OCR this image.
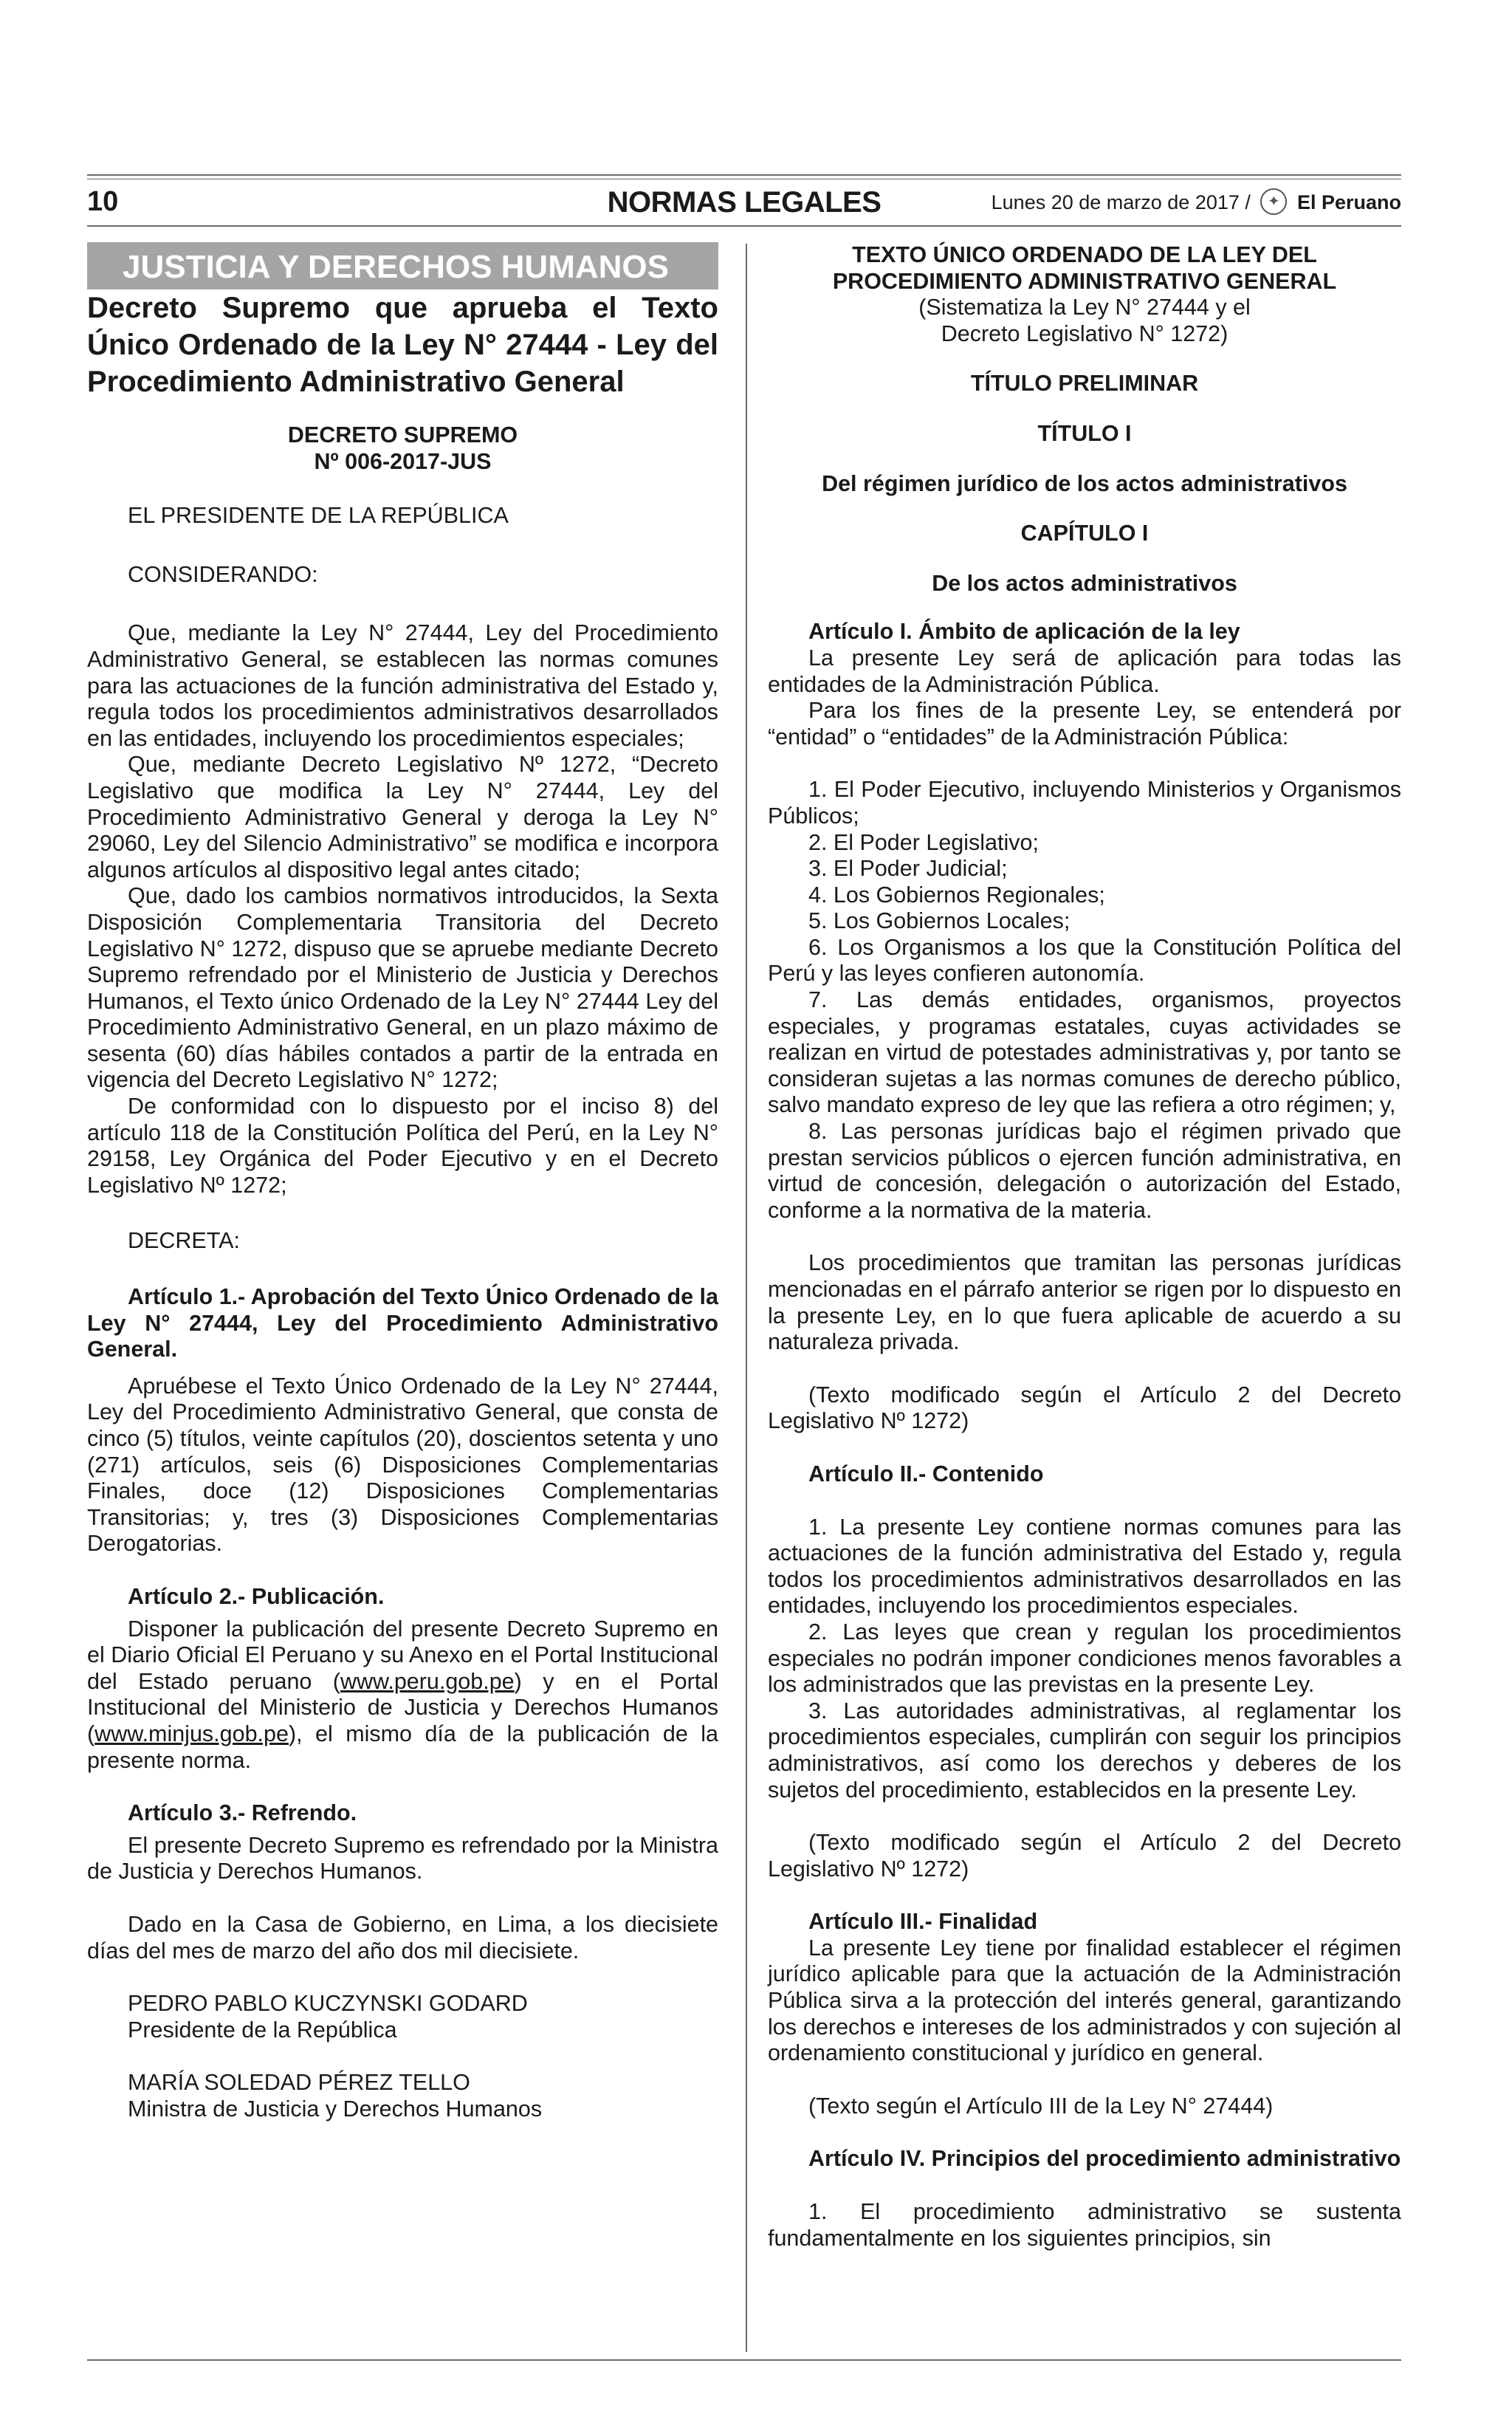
10	NORMAS LEGALES	Lunes 20 de marzo de 2017 / ✦ El Peruano
JUSTICIA Y DERECHOS HUMANOS

Decreto Supremo que aprueba el Texto Único Ordenado de la Ley N° 27444 - Ley del Procedimiento Administrativo General

DECRETO SUPREMO

Nº 006-2017-JUS

EL PRESIDENTE DE LA REPÚBLICA

CONSIDERANDO:

Que, mediante la Ley N° 27444, Ley del Procedimiento Administrativo General, se establecen las normas comunes para las actuaciones de la función administrativa del Estado y, regula todos los procedimientos administrativos desarrollados en las entidades, incluyendo los procedimientos especiales;

Que, mediante Decreto Legislativo Nº 1272, “Decreto Legislativo que modifica la Ley N° 27444, Ley del Procedimiento Administrativo General y deroga la Ley N° 29060, Ley del Silencio Administrativo” se modifica e incorpora algunos artículos al dispositivo legal antes citado;

Que, dado los cambios normativos introducidos, la Sexta Disposición Complementaria Transitoria del Decreto Legislativo N° 1272, dispuso que se apruebe mediante Decreto Supremo refrendado por el Ministerio de Justicia y Derechos Humanos, el Texto único Ordenado de la Ley N° 27444 Ley del Procedimiento Administrativo General, en un plazo máximo de sesenta (60) días hábiles contados a partir de la entrada en vigencia del Decreto Legislativo N° 1272;

De conformidad con lo dispuesto por el inciso 8) del artículo 118 de la Constitución Política del Perú, en la Ley N° 29158, Ley Orgánica del Poder Ejecutivo y en el Decreto Legislativo Nº 1272;

DECRETA:

Artículo 1.- Aprobación del Texto Único Ordenado de la Ley N° 27444, Ley del Procedimiento Administrativo General.

Apruébese el Texto Único Ordenado de la Ley N° 27444, Ley del Procedimiento Administrativo General, que consta de cinco (5) títulos, veinte capítulos (20), doscientos setenta y uno (271) artículos, seis (6) Disposiciones Complementarias Finales, doce (12) Disposiciones Complementarias Transitorias; y, tres (3) Disposiciones Complementarias Derogatorias.

Artículo 2.- Publicación.

Disponer la publicación del presente Decreto Supremo en el Diario Oficial El Peruano y su Anexo en el Portal Institucional del Estado peruano (www.peru.gob.pe) y en el Portal Institucional del Ministerio de Justicia y Derechos Humanos (www.minjus.gob.pe), el mismo día de la publicación de la presente norma.

Artículo 3.- Refrendo.

El presente Decreto Supremo es refrendado por la Ministra de Justicia y Derechos Humanos.

Dado en la Casa de Gobierno, en Lima, a los diecisiete días del mes de marzo del año dos mil diecisiete.

PEDRO PABLO KUCZYNSKI GODARD

Presidente de la República

MARÍA SOLEDAD PÉREZ TELLO

Ministra de Justicia y Derechos Humanos

TEXTO ÚNICO ORDENADO DE LA LEY DEL

PROCEDIMIENTO ADMINISTRATIVO GENERAL

(Sistematiza la Ley N° 27444 y el

Decreto Legislativo N° 1272)

TÍTULO PRELIMINAR

TÍTULO I

Del régimen jurídico de los actos administrativos

CAPÍTULO I

De los actos administrativos

Artículo I. Ámbito de aplicación de la ley

La presente Ley será de aplicación para todas las entidades de la Administración Pública.

Para los fines de la presente Ley, se entenderá por “entidad” o “entidades” de la Administración Pública:

1. El Poder Ejecutivo, incluyendo Ministerios y Organismos Públicos;

2. El Poder Legislativo;

3. El Poder Judicial;

4. Los Gobiernos Regionales;

5. Los Gobiernos Locales;

6. Los Organismos a los que la Constitución Política del Perú y las leyes confieren autonomía.

7. Las demás entidades, organismos, proyectos especiales, y programas estatales, cuyas actividades se realizan en virtud de potestades administrativas y, por tanto se consideran sujetas a las normas comunes de derecho público, salvo mandato expreso de ley que las refiera a otro régimen; y,

8. Las personas jurídicas bajo el régimen privado que prestan servicios públicos o ejercen función administrativa, en virtud de concesión, delegación o autorización del Estado, conforme a la normativa de la materia.

Los procedimientos que tramitan las personas jurídicas mencionadas en el párrafo anterior se rigen por lo dispuesto en la presente Ley, en lo que fuera aplicable de acuerdo a su naturaleza privada.

(Texto modificado según el Artículo 2 del Decreto Legislativo Nº 1272)

Artículo II.- Contenido

1. La presente Ley contiene normas comunes para las actuaciones de la función administrativa del Estado y, regula todos los procedimientos administrativos desarrollados en las entidades, incluyendo los procedimientos especiales.

2. Las leyes que crean y regulan los procedimientos especiales no podrán imponer condiciones menos favorables a los administrados que las previstas en la presente Ley.

3. Las autoridades administrativas, al reglamentar los procedimientos especiales, cumplirán con seguir los principios administrativos, así como los derechos y deberes de los sujetos del procedimiento, establecidos en la presente Ley.

(Texto modificado según el Artículo 2 del Decreto Legislativo Nº 1272)

Artículo III.- Finalidad

La presente Ley tiene por finalidad establecer el régimen jurídico aplicable para que la actuación de la Administración Pública sirva a la protección del interés general, garantizando los derechos e intereses de los administrados y con sujeción al ordenamiento constitucional y jurídico en general.

(Texto según el Artículo III de la Ley N° 27444)

Artículo IV. Principios del procedimiento administrativo

1. El procedimiento administrativo se sustenta fundamentalmente en los siguientes principios, sin
